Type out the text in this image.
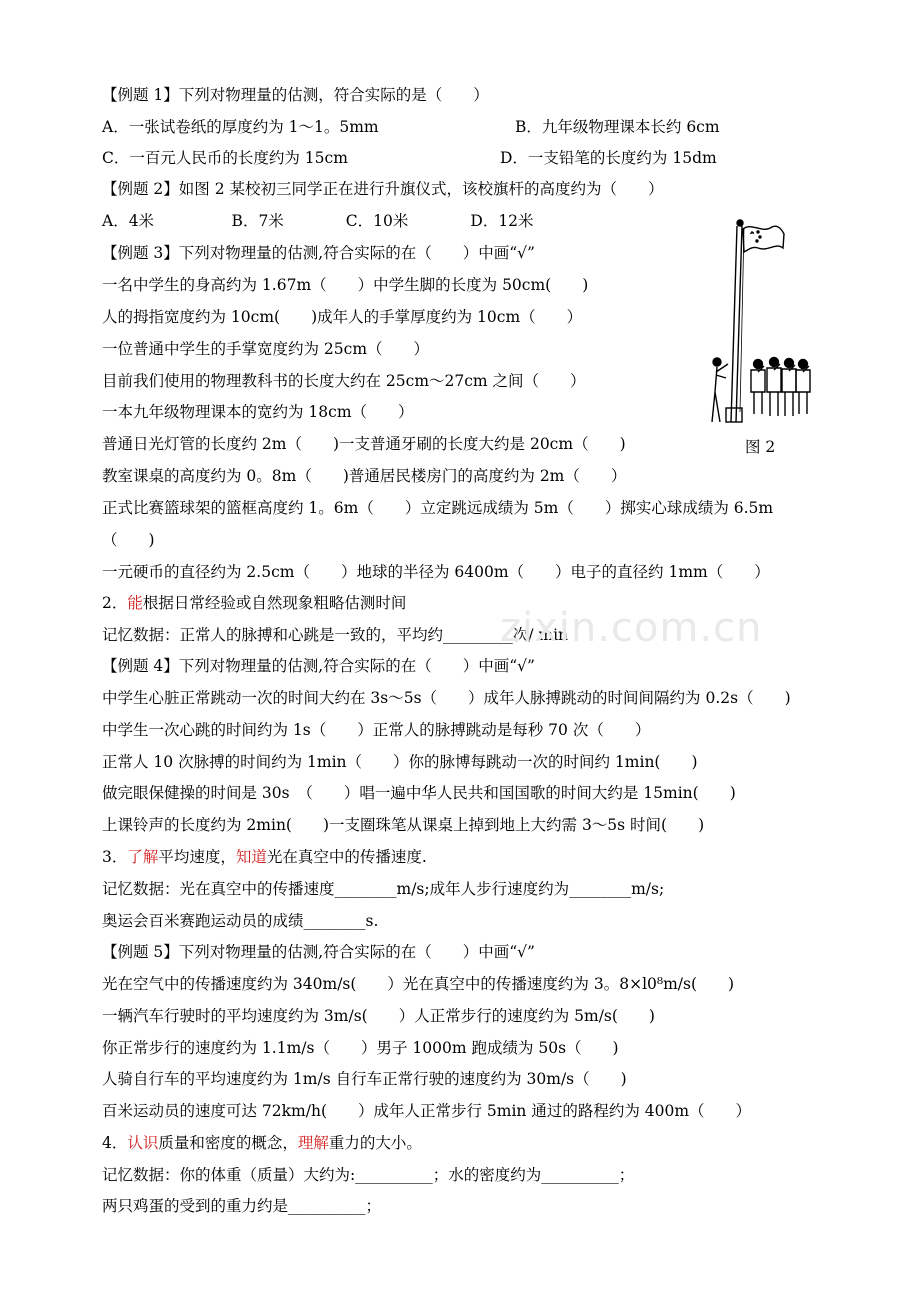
【例题 1】下列对物理量的估测，符合实际的是（　　）
A．一张试卷纸的厚度约为 1～1。5mm	B．九年级物理课本长约 6cm
C．一百元人民币的长度约为 15cm	D．一支铅笔的长度约为 15dm
【例题 2】如图 2 某校初三同学正在进行升旗仪式，该校旗杆的高度约为（　　）
A．4米　　　　　B．7米　　　　C．10米　　　　D．12米
【例题 3】下列对物理量的估测,符合实际的在（　　）中画“√”
一名中学生的身高约为 1.67m（　　）中学生脚的长度为 50cm(　　)
人的拇指宽度约为 10cm(　　)成年人的手掌厚度约为 10cm（　　）
一位普通中学生的手掌宽度约为 25cm（　　）
目前我们使用的物理教科书的长度大约在 25cm～27cm 之间（　　）
一本九年级物理课本的宽约为 18cm（　　）
普通日光灯管的长度约 2m（　　)一支普通牙刷的长度大约是 20cm（　　)
教室课桌的高度约为 0。8m（　　)普通居民楼房门的高度约为 2m（　　）
正式比赛篮球架的篮框高度约 1。6m（　　）立定跳远成绩为 5m（　　）掷实心球成绩为 6.5m
（　　)
一元硬币的直径约为 2.5cm（　　）地球的半径为 6400m（　　）电子的直径约 1mm（　　）
2．能根据日常经验或自然现象粗略估测时间
记忆数据：正常人的脉搏和心跳是一致的，平均约_________次/ min
【例题 4】下列对物理量的估测,符合实际的在（　　）中画“√”
中学生心脏正常跳动一次的时间大约在 3s～5s（　　）成年人脉搏跳动的时间间隔约为 0.2s（　　)
中学生一次心跳的时间约为 1s（　　）正常人的脉搏跳动是每秒 70 次（　　）
正常人 10 次脉搏的时间约为 1min（　　）你的脉博每跳动一次的时间约 1min(　　)
做完眼保健操的时间是 30s　（　　）唱一遍中华人民共和国国歌的时间大约是 15min(　　)
上课铃声的长度约为 2min(　　)一支圈珠笔从课桌上掉到地上大约需 3～5s 时间(　　)
3．了解平均速度，知道光在真空中的传播速度.
记忆数据：光在真空中的传播速度________m/s;成年人步行速度约为________m/s;
奥运会百米赛跑运动员的成绩________s.
【例题 5】下列对物理量的估测,符合实际的在（　　）中画“√”
光在空气中的传播速度约为 340m/s(　　）光在真空中的传播速度约为 3。8×l0⁸m/s(　　)
一辆汽车行驶时的平均速度约为 3m/s(　　）人正常步行的速度约为 5m/s(　　)
你正常步行的速度约为 1.1m/s（　　）男子 1000m 跑成绩为 50s（　　)
人骑自行车的平均速度约为 1m/s 自行车正常行驶的速度约为 30m/s（　　)
百米运动员的速度可达 72km/h(　　）成年人正常步行 5min 通过的路程约为 400m（　　）
4．认识质量和密度的概念，理解重力的大小。
记忆数据：你的体重（质量）大约为:__________；水的密度约为__________；
两只鸡蛋的受到的重力约是__________；
图 2
zixin.com.cn
